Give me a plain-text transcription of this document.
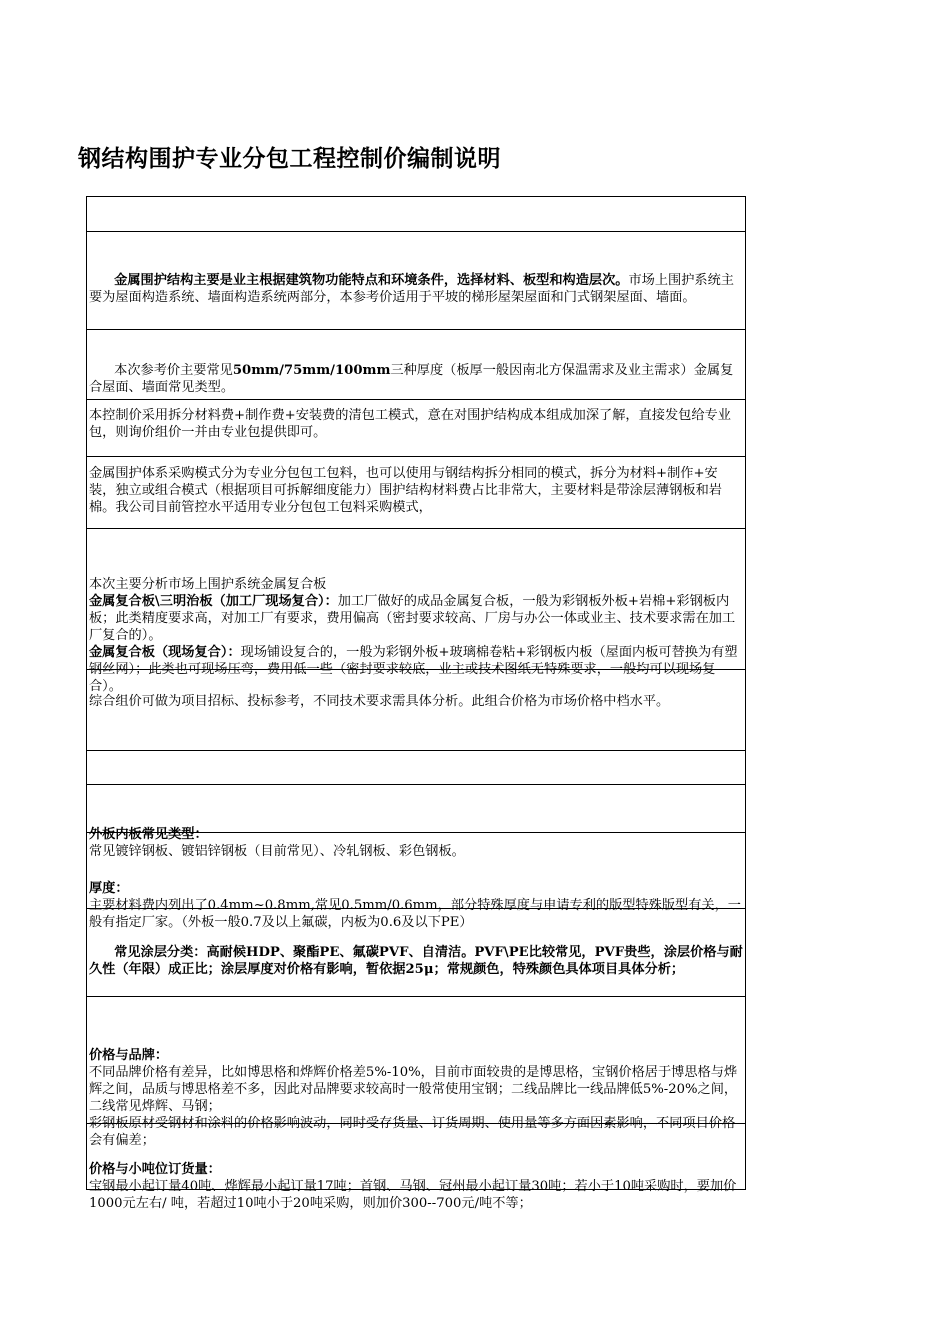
钢结构围护专业分包工程控制价编制说明

金属围护结构主要是业主根据建筑物功能特点和环境条件，选择材料、板型和构造层次。市场上围护系统主要为屋面构造系统、墙面构造系统两部分，本参考价适用于平坡的梯形屋架屋面和门式钢架屋面、墙面。

本次参考价主要常见50mm/75mm/100mm三种厚度（板厚一般因南北方保温需求及业主需求）金属复合屋面、墙面常见类型。

本控制价采用拆分材料费+制作费+安装费的清包工模式，意在对围护结构成本组成加深了解，直接发包给专业包，则询价组价一并由专业包提供即可。
金属围护体系采购模式分为专业分包包工包料，也可以使用与钢结构拆分相同的模式，拆分为材料+制作+安装，独立或组合模式（根据项目可拆解细度能力）围护结构材料费占比非常大，主要材料是带涂层薄钢板和岩棉。我公司目前管控水平适用专业分包包工包料采购模式，

本次主要分析市场上围护系统金属复合板
金属复合板\三明治板（加工厂现场复合）：加工厂做好的成品金属复合板，一般为彩钢板外板+岩棉+彩钢板内板；此类精度要求高，对加工厂有要求，费用偏高（密封要求较高、厂房与办公一体或业主、技术要求需在加工厂复合的）。
金属复合板（现场复合）：现场铺设复合的，一般为彩钢外板+玻璃棉卷粘+彩钢板内板（屋面内板可替换为有塑钢丝网）；此类也可现场压弯，费用低一些（密封要求较底，业主或技术图纸无特殊要求，一般均可以现场复合）。

综合组价可做为项目招标、投标参考，不同技术要求需具体分析。此组合价格为市场价格中档水平。

外板内板常见类型：
常见镀锌钢板、镀铝锌钢板（目前常见）、冷轧钢板、彩色钢板。

厚度：
主要材料费内列出了0.4mm~0.8mm,常见0.5mm/0.6mm，部分特殊厚度与申请专利的版型特殊版型有关，一般有指定厂家。（外板一般0.7及以上氟碳，内板为0.6及以下PE）

常见涂层分类：高耐候HDP、聚酯PE、氟碳PVF、自清洁。PVF\PE比较常见，PVF贵些，涂层价格与耐久性（年限）成正比；涂层厚度对价格有影响，暂依据25μ；常规颜色，特殊颜色具体项目具体分析；

价格与品牌：
不同品牌价格有差异，比如博思格和烨辉价格差5%-10%，目前市面较贵的是博思格，宝钢价格居于博思格与烨辉之间，品质与博思格差不多，因此对品牌要求较高时一般常使用宝钢；二线品牌比一线品牌低5%-20%之间，二线常见烨辉、马钢；
彩钢板原材受钢材和涂料的价格影响波动，同时受存货量、订货周期、使用量等多方面因素影响，不同项目价格会有偏差；

价格与小吨位订货量：
宝钢最小起订量40吨、烨辉最小起订量17吨；首钢、马钢、冠州最小起订量30吨；若小于10吨采购时，要加价1000元左右/ 吨，若超过10吨小于20吨采购，则加价300--700元/吨不等；
